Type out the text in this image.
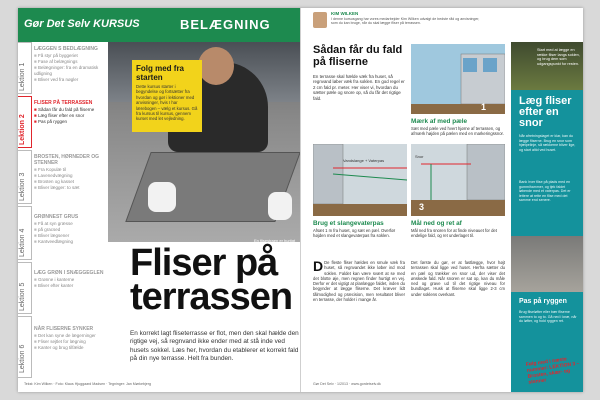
Gør Det Selv KURSUS	BELÆGNING
Lektion 1
Lektion 2
Lektion 3
Lektion 4
Lektion 5
Lektion 6
LÆGGEN S BEDLÆGNING
■ Få styr på byggeriet
■ Fase af belægnings
■ Belægninger: fra en dramatisk udligning
■ Bliver ved fra nøgler
FLISER PÅ TERRASSEN
■ Sådan får du fald på fliserne
■ Læg fliser efter en snor
■ Pas på ryggen
BROSTEN, HØRNEDER OG STENNER
■ Fra Kopulæ til
■ Lavenedvægning
■ Brosten og kasset
■ Bliver lægger: to sæt
GRØNNEST GRUS
■ Få at syn græsse
■ på gracsed
■ Bliver lægsener
■ Kantveedlægning
LÆG GRØN I SNÆGGEGLEN
■ Grønne i kanterne
■ Bliver efter kanter
NÅR FLISERNE SYNKER
■ Det kan syne de lægerninger
■ Fliser sejtlet for lægning
■ Kanter og brug tilfælde
En flisestraen er hurtigt
Folg med fra starten
Dette kursus starter i begyndelse og fortsætter fra hvordan og gør i lektioner med anvisninger, hvis I har lærebogen – vælg et kursus. Gå fra kursus til kursus, gennem kurset med let vejledning.
Fliser på terrassen
En korrekt lagt fliseterrasse er flot, men den skal hælde den rigtige vej, så regnvand ikke ender med at stå inde ved husets sokkel. Læs her, hvordan du etablerer et korrekt fald på din nye terrasse. Helt fra bunden.
Tekst: Kim Wilken · Foto: Klaus Hjuggaard Madsen · Tegninger: Jan Mørkebjerg
KIM WILKEN
I denne kursusgang har vores medarbejder Kim Wilken udvalgt de bedste råd og anvisninger, som du kan bruge, når du skal lægge fliser på terrassen.
Sådan får du fald på fliserne
En terrasse skal hælde væk fra huset, så regnvand løber væk fra soklen. En god regel er 2 cm fald pr. meter. Her viser vi, hvordan du sætter pæle og snore op, så du får det rigtige fald.
1
Mærk af med pæle
Sæt med pæle ved hvert hjørne af terrassen, og afmærk højden på pælen med en markeringssnor.
Vandslange + Vaterpas
Brug et slangevaterpas
Afsæt 1 m fra huset, og sæt en pæl. Overfør højden med et slangevaterpas fra soklen.
3
Snor
Mål ned og ret af
Mål ned fra snoren for at finde niveauet for det endelige fald, og ret underlaget til.
D De fleste fliser hældes en smule væk fra huset, så regnvandet ikke løber ind mod soklen. Faldet kan være svært at se med det blotte øje, men regnen finder hurtigt en vej. Derfor er det vigtigt at planlægge faldet, inden du begynder at lægge fliserne. Det kræver lidt tålmodighed og præcision, men resultatet bliver en terrasse, der holder i mange år.
Det første du gør, er at fastlægge, hvor højt terrassen skal ligge ved huset. Herfra sætter du en pæl og trækker en snor ud, der viser det ønskede fald. Når snoren er sat op, kan du måle ned og grave ud til det rigtige niveau for bundlaget. Husk at fliserne skal ligge 2-3 cm under soklens overkant.
Start med at lægge en række fliser langs soklen, og brug dem som udgangspunkt for resten.
Læg fliser efter en snor
Når afretningslaget er klar, kan du lægge fliserne. Brug en snor som hjælpelinje, så rækkerne bliver lige, og start altid ved huset.
Bank hver flise på plads med en gummihammer, og tjek faldet løbende med et vaterpas. Det er lettere at rette en flise med det samme end senere.
Pas på ryggen
Brug fliseløfter eller bær fliserne sammen to og to. Gå ned i knæ, når du løfter, og hold ryggen ret.
Følg med i næste nummer: LEKTION 3 – Brosten, skær- og stenner
Gør Det Selv · 1/2013 · www.gordetselv.dk
